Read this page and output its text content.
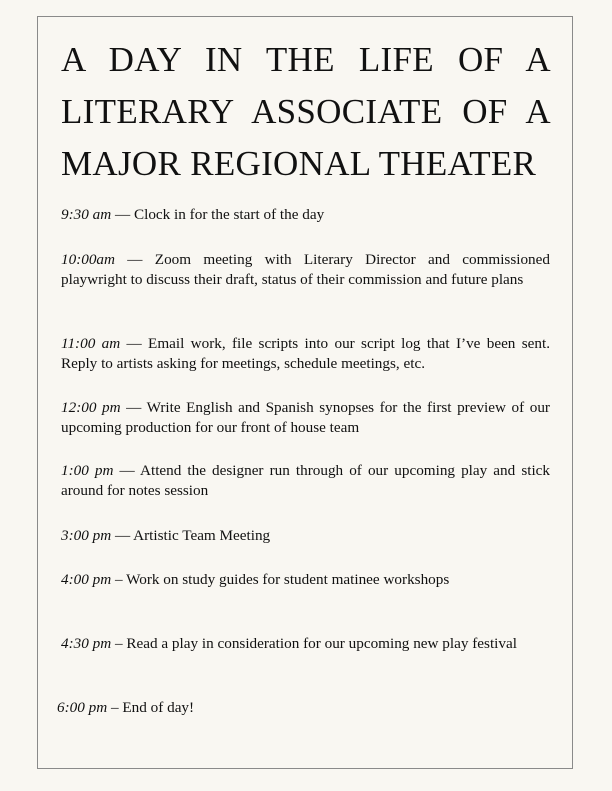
A DAY IN THE LIFE OF A
LITERARY ASSOCIATE OF A
MAJOR REGIONAL THEATER

9:30 am — Clock in for the start of the day

10:00am — Zoom meeting with Literary Director and commissioned playwright to discuss their draft, status of their commission and future plans

11:00 am — Email work, file scripts into our script log that I’ve been sent. Reply to artists asking for meetings, schedule meetings, etc.

12:00 pm — Write English and Spanish synopses for the first preview of our upcoming production for our front of house team

1:00 pm — Attend the designer run through of our upcoming play and stick around for notes session

3:00 pm — Artistic Team Meeting

4:00 pm – Work on study guides for student matinee workshops

4:30 pm – Read a play in consideration for our upcoming new play festival

6:00 pm – End of day!
